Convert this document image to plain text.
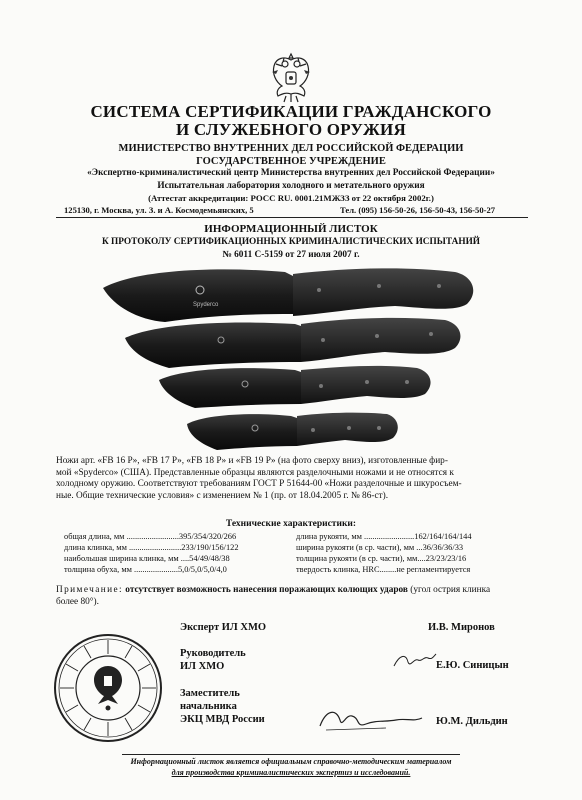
СИСТЕМА СЕРТИФИКАЦИИ ГРАЖДАНСКОГО
И СЛУЖЕБНОГО ОРУЖИЯ
МИНИСТЕРСТВО ВНУТРЕННИХ ДЕЛ РОССИЙСКОЙ ФЕДЕРАЦИИ
ГОСУДАРСТВЕННОЕ УЧРЕЖДЕНИЕ
«Экспертно-криминалистический центр Министерства внутренних дел Российской Федерации»
Испытательная лаборатория холодного и метательного оружия
(Аттестат аккредитации: РОСС RU. 0001.21МЖЗЗ от 22 октября 2002г.)
125130, г. Москва, ул. З. и А. Космодемьянских, 5	Тел. (095) 156-50-26, 156-50-43, 156-50-27
ИНФОРМАЦИОННЫЙ ЛИСТОК
К ПРОТОКОЛУ СЕРТИФИКАЦИОННЫХ КРИМИНАЛИСТИЧЕСКИХ ИСПЫТАНИЙ
№ 6011 С-5159 от 27 июля 2007 г.
Spyderco
Ножи арт. «FB 16 P», «FB 17 P», «FB 18 P» и «FB 19 P» (на фото сверху вниз), изготовленные фир-
мой «Spyderco» (США). Представленные образцы являются разделочными ножами и не относятся к
холодному оружию. Соответствуют требованиям ГОСТ Р 51644-00 «Ножи разделочные и шкуросъем-
ные. Общие технические условия» с изменением № 1 (пр. от 18.04.2005 г. № 86-ст).
Технические характеристики:
общая длина, мм .........................395/354/320/266
длина клинка, мм .........................233/190/156/122
наибольшая ширина клинка, мм ....54/49/48/38
толщина обуха, мм .....................5,0/5,0/5,0/4,0
длина рукояти, мм ........................162/164/164/144
ширина рукояти (в ср. части), мм ...36/36/36/33
толщина рукояти (в ср. части), мм....23/23/23/16
твердость клинка, HRC........не регламентируется
Примечание: отсутствует возможность нанесения поражающих колющих ударов (угол острия клинка
более 80°).
Эксперт ИЛ ХМО	И.В. Миронов
Руководитель
ИЛ ХМО	Е.Ю. Синицын
Заместитель
начальника
ЭКЦ МВД России	Ю.М. Дильдин
Информационный листок является официальным справочно-методическим материалом
для производства криминалистических экспертиз и исследований.
